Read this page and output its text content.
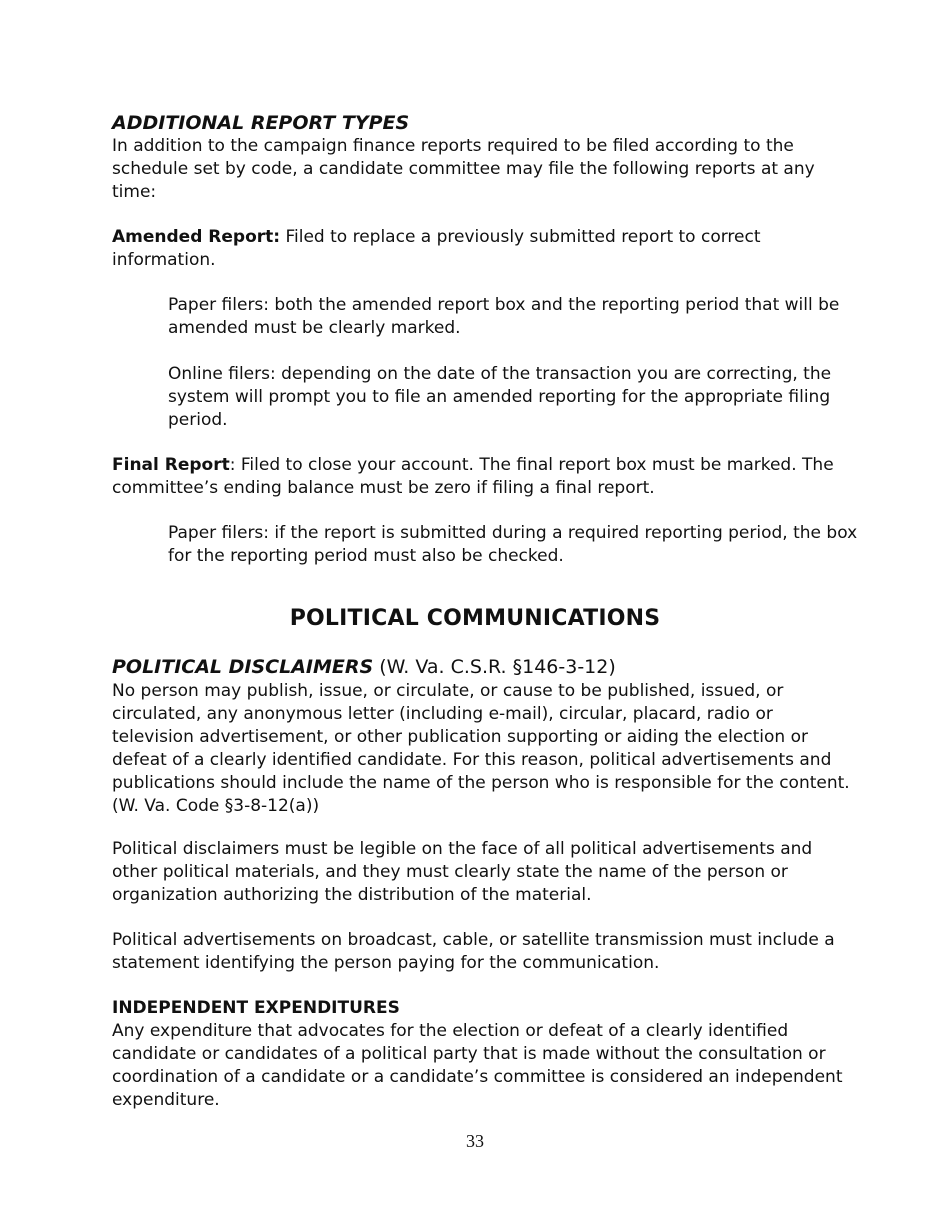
ADDITIONAL REPORT TYPES

In addition to the campaign finance reports required to be filed according to the schedule set by code, a candidate committee may file the following reports at any time:

Amended Report: Filed to replace a previously submitted report to correct information.

Paper filers: both the amended report box and the reporting period that will be amended must be clearly marked.

Online filers: depending on the date of the transaction you are correcting, the system will prompt you to file an amended reporting for the appropriate filing period.

Final Report: Filed to close your account. The final report box must be marked. The committee’s ending balance must be zero if filing a final report.

Paper filers: if the report is submitted during a required reporting period, the box for the reporting period must also be checked.

POLITICAL COMMUNICATIONS

POLITICAL DISCLAIMERS (W. Va. C.S.R. §146-3-12)

No person may publish, issue, or circulate, or cause to be published, issued, or circulated, any anonymous letter (including e-mail), circular, placard, radio or television advertisement, or other publication supporting or aiding the election or defeat of a clearly identified candidate. For this reason, political advertisements and publications should include the name of the person who is responsible for the content. (W. Va. Code §3-8-12(a))

Political disclaimers must be legible on the face of all political advertisements and other political materials, and they must clearly state the name of the person or organization authorizing the distribution of the material.

Political advertisements on broadcast, cable, or satellite transmission must include a statement identifying the person paying for the communication.

INDEPENDENT EXPENDITURES

Any expenditure that advocates for the election or defeat of a clearly identified candidate or candidates of a political party that is made without the consultation or coordination of a candidate or a candidate’s committee is considered an independent expenditure.

33
